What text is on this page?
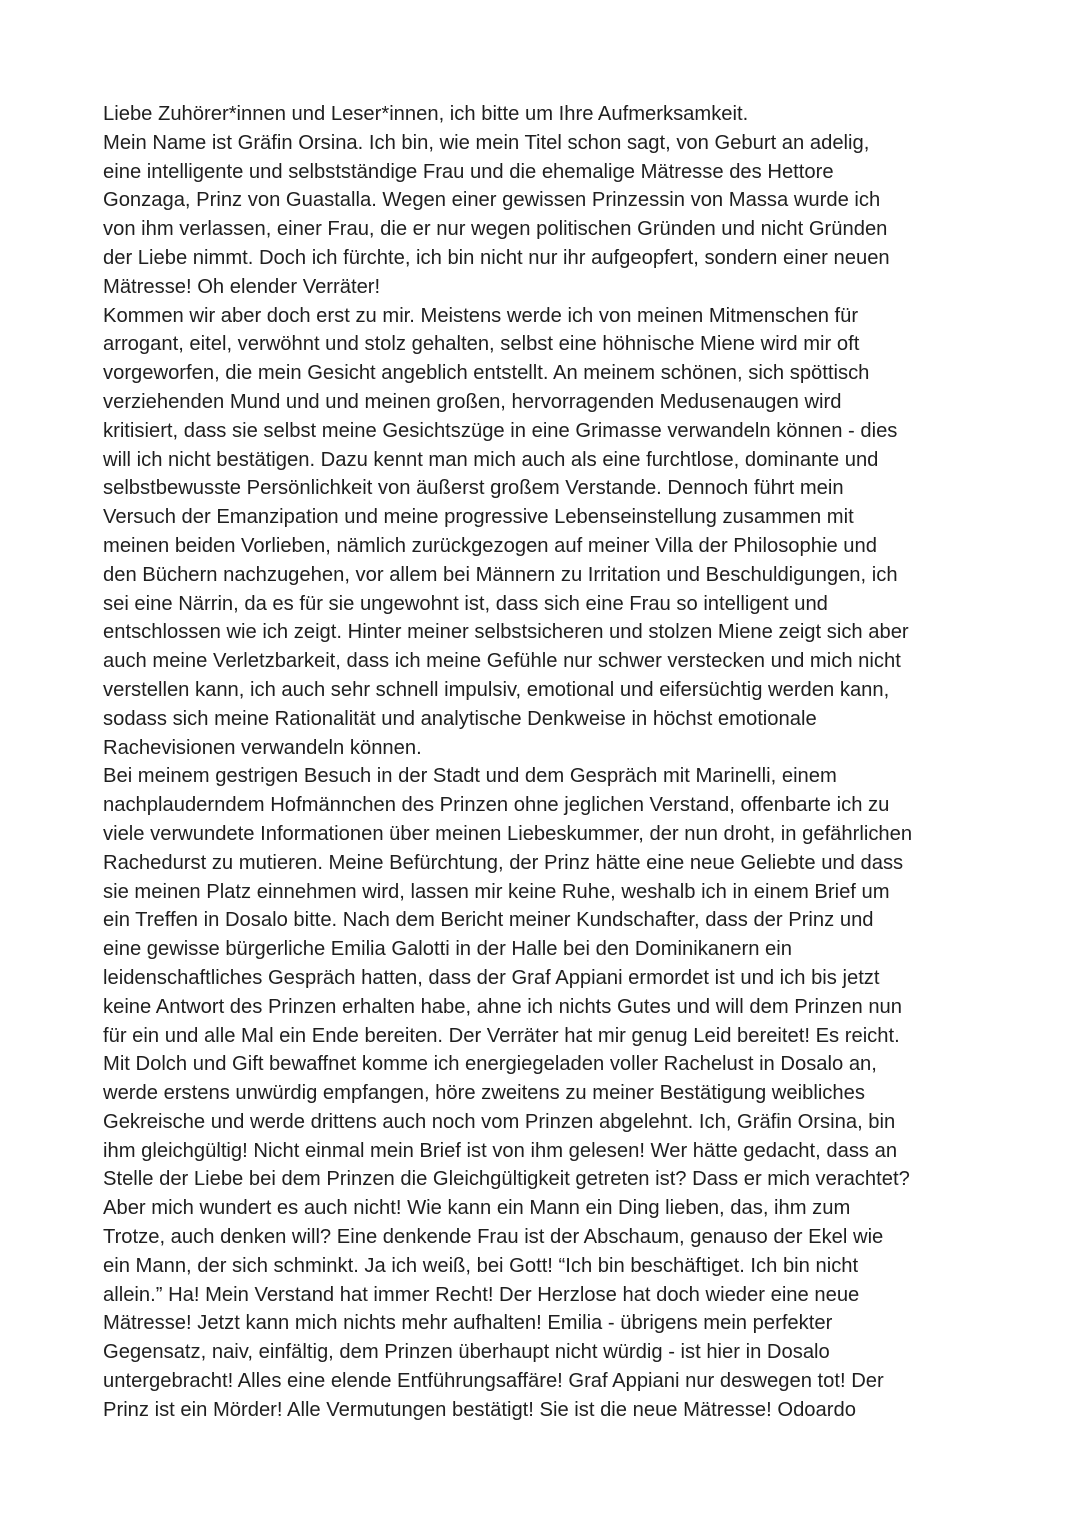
Liebe Zuhörer*innen und Leser*innen, ich bitte um Ihre Aufmerksamkeit.
Mein Name ist Gräfin Orsina. Ich bin, wie mein Titel schon sagt, von Geburt an adelig,
eine intelligente und selbstständige Frau und die ehemalige Mätresse des Hettore
Gonzaga, Prinz von Guastalla. Wegen einer gewissen Prinzessin von Massa wurde ich
von ihm verlassen, einer Frau, die er nur wegen politischen Gründen und nicht Gründen
der Liebe nimmt. Doch ich fürchte, ich bin nicht nur ihr aufgeopfert, sondern einer neuen
Mätresse! Oh elender Verräter!
Kommen wir aber doch erst zu mir. Meistens werde ich von meinen Mitmenschen für
arrogant, eitel, verwöhnt und stolz gehalten, selbst eine höhnische Miene wird mir oft
vorgeworfen, die mein Gesicht angeblich entstellt. An meinem schönen, sich spöttisch
verziehenden Mund und und meinen großen, hervorragenden Medusenaugen wird
kritisiert, dass sie selbst meine Gesichtszüge in eine Grimasse verwandeln können - dies
will ich nicht bestätigen. Dazu kennt man mich auch als eine furchtlose, dominante und
selbstbewusste Persönlichkeit von äußerst großem Verstande. Dennoch führt mein
Versuch der Emanzipation und meine progressive Lebenseinstellung zusammen mit
meinen beiden Vorlieben, nämlich zurückgezogen auf meiner Villa der Philosophie und
den Büchern nachzugehen, vor allem bei Männern zu Irritation und Beschuldigungen, ich
sei eine Närrin, da es für sie ungewohnt ist, dass sich eine Frau so intelligent und
entschlossen wie ich zeigt. Hinter meiner selbstsicheren und stolzen Miene zeigt sich aber
auch meine Verletzbarkeit, dass ich meine Gefühle nur schwer verstecken und mich nicht
verstellen kann, ich auch sehr schnell impulsiv, emotional und eifersüchtig werden kann,
sodass sich meine Rationalität und analytische Denkweise in höchst emotionale
Rachevisionen verwandeln können.
Bei meinem gestrigen Besuch in der Stadt und dem Gespräch mit Marinelli, einem
nachplauderndem Hofmännchen des Prinzen ohne jeglichen Verstand, offenbarte ich zu
viele verwundete Informationen über meinen Liebeskummer, der nun droht, in gefährlichen
Rachedurst zu mutieren. Meine Befürchtung, der Prinz hätte eine neue Geliebte und dass
sie meinen Platz einnehmen wird, lassen mir keine Ruhe, weshalb ich in einem Brief um
ein Treffen in Dosalo bitte. Nach dem Bericht meiner Kundschafter, dass der Prinz und
eine gewisse bürgerliche Emilia Galotti in der Halle bei den Dominikanern ein
leidenschaftliches Gespräch hatten, dass der Graf Appiani ermordet ist und ich bis jetzt
keine Antwort des Prinzen erhalten habe, ahne ich nichts Gutes und will dem Prinzen nun
für ein und alle Mal ein Ende bereiten. Der Verräter hat mir genug Leid bereitet! Es reicht.
Mit Dolch und Gift bewaffnet komme ich energiegeladen voller Rachelust in Dosalo an,
werde erstens unwürdig empfangen, höre zweitens zu meiner Bestätigung weibliches
Gekreische und werde drittens auch noch vom Prinzen abgelehnt. Ich, Gräfin Orsina, bin
ihm gleichgültig! Nicht einmal mein Brief ist von ihm gelesen! Wer hätte gedacht, dass an
Stelle der Liebe bei dem Prinzen die Gleichgültigkeit getreten ist? Dass er mich verachtet?
Aber mich wundert es auch nicht! Wie kann ein Mann ein Ding lieben, das, ihm zum
Trotze, auch denken will? Eine denkende Frau ist der Abschaum, genauso der Ekel wie
ein Mann, der sich schminkt. Ja ich weiß, bei Gott! “Ich bin beschäftiget. Ich bin nicht
allein.” Ha! Mein Verstand hat immer Recht! Der Herzlose hat doch wieder eine neue
Mätresse! Jetzt kann mich nichts mehr aufhalten! Emilia - übrigens mein perfekter
Gegensatz, naiv, einfältig, dem Prinzen überhaupt nicht würdig - ist hier in Dosalo
untergebracht! Alles eine elende Entführungsaffäre! Graf Appiani nur deswegen tot! Der
Prinz ist ein Mörder! Alle Vermutungen bestätigt! Sie ist die neue Mätresse! Odoardo
